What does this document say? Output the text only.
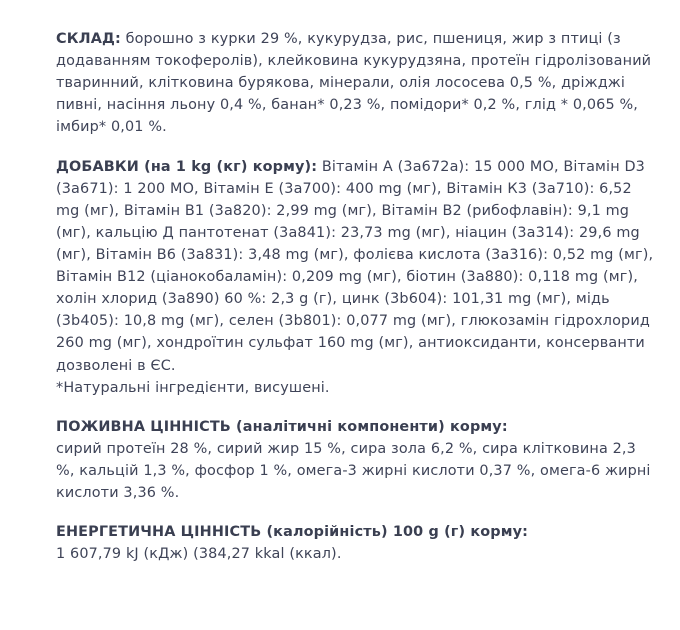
СКЛАД: борошно з курки 29 %, кукурудза, рис, пшениця, жир з птиці (з додаванням токоферолів), клейковина кукурудзяна, протеїн гідролізований тваринний, клітковина бурякова, мінерали, олія лососева 0,5 %, дріжджі пивні, насіння льону 0,4 %, банан* 0,23 %, помідори* 0,2 %, глід * 0,065 %, імбир* 0,01 %.

ДОБАВКИ (на 1 kg (кг) корму): Вітамін А (3а672а): 15 000 МО, Вітамін D3 (3а671): 1 200 МО, Вітамін Е (3а700): 400 mg (мг), Вітамін К3 (3а710): 6,52 mg (мг), Вітамін В1 (3а820): 2,99 mg (мг), Вітамін В2 (рибофлавін): 9,1 mg (мг), кальцію Д пантотенат (3а841): 23,73 mg (мг), ніацин (3а314): 29,6 mg (мг), Вітамін В6 (3а831): 3,48 mg (мг), фолієва кислота (3а316): 0,52 mg (мг), Вітамін В12 (ціанокобаламін): 0,209 mg (мг), біотин (3а880): 0,118 mg (мг), холін хлорид (3а890) 60 %: 2,3 g (г), цинк (3b604): 101,31 mg (мг), мідь (3b405): 10,8 mg (мг), селен (3b801): 0,077 mg (мг), глюкозамін гідрохлорид 260 mg (мг), хондроїтин сульфат 160 mg (мг), антиоксиданти, консерванти дозволені в ЄС.

*Натуральні інгредієнти, висушені.

ПОЖИВНА ЦІННІСТЬ (аналітичні компоненти) корму:

сирий протеїн 28 %, сирий жир 15 %, сира зола 6,2 %, сира клітковина 2,3 %, кальцій 1,3 %, фосфор 1 %, омега-3 жирні кислоти 0,37 %, омега-6 жирні кислоти 3,36 %.

ЕНЕРГЕТИЧНА ЦІННІСТЬ (калорійність) 100 g (г) корму:

1 607,79 kJ (кДж) (384,27 kkal (ккал).
